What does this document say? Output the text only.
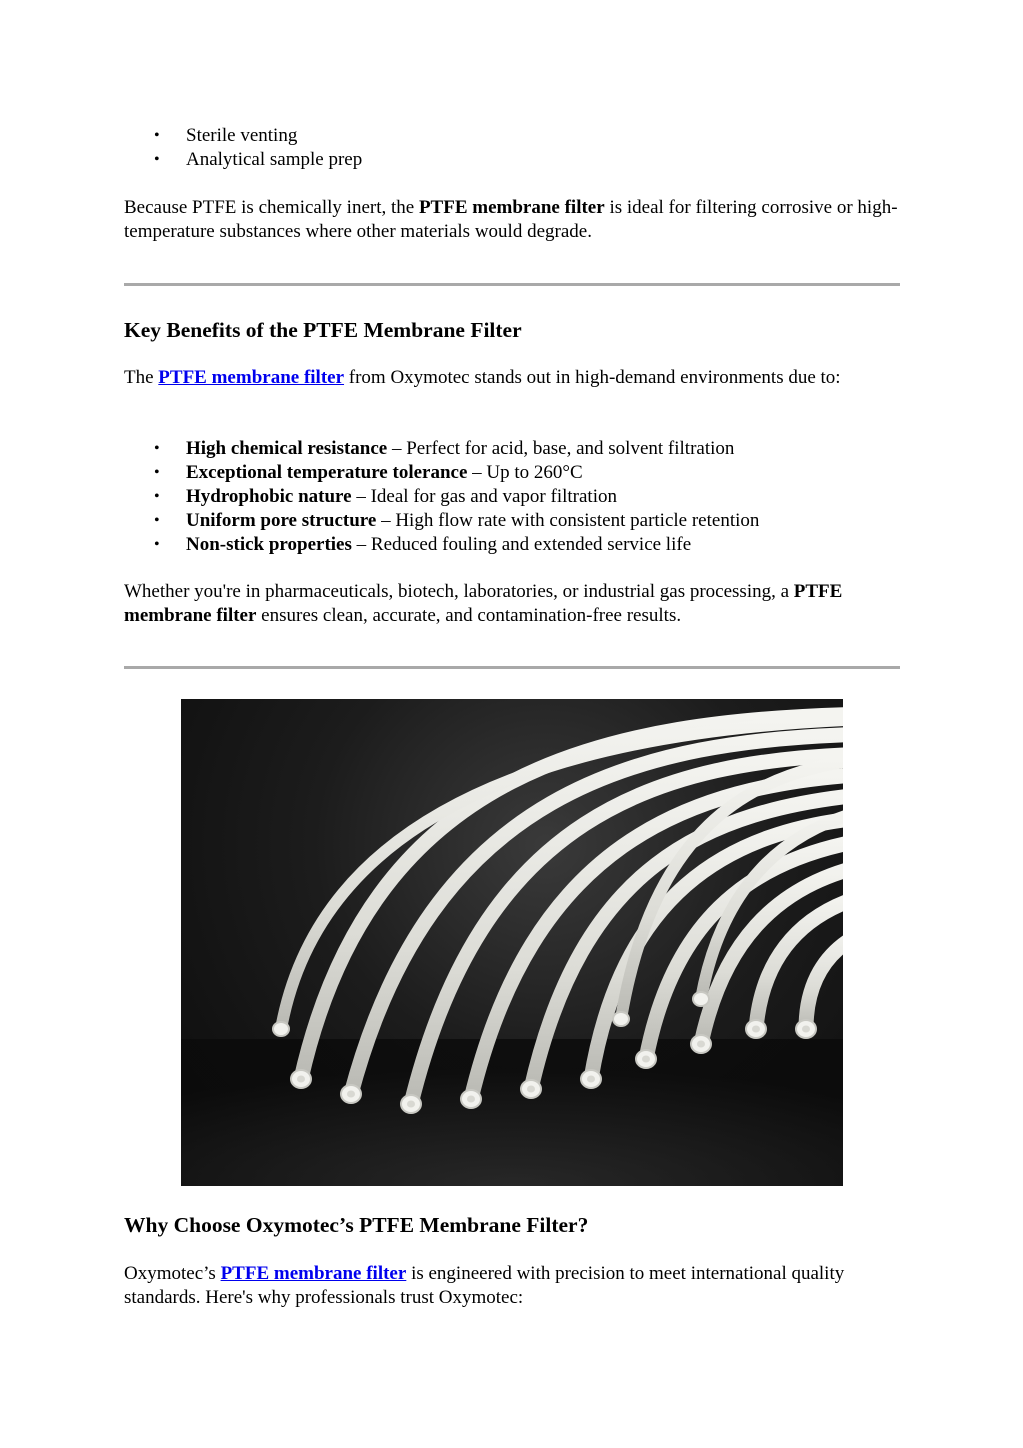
• Sterile venting
• Analytical sample prep

Because PTFE is chemically inert, the PTFE membrane filter is ideal for filtering corrosive or high-temperature substances where other materials would degrade.

Key Benefits of the PTFE Membrane Filter

The PTFE membrane filter from Oxymotec stands out in high-demand environments due to:

• High chemical resistance – Perfect for acid, base, and solvent filtration
• Exceptional temperature tolerance – Up to 260°C
• Hydrophobic nature – Ideal for gas and vapor filtration
• Uniform pore structure – High flow rate with consistent particle retention
• Non-stick properties – Reduced fouling and extended service life

Whether you're in pharmaceuticals, biotech, laboratories, or industrial gas processing, a PTFE membrane filter ensures clean, accurate, and contamination-free results.

Why Choose Oxymotec’s PTFE Membrane Filter?

Oxymotec’s PTFE membrane filter is engineered with precision to meet international quality standards. Here's why professionals trust Oxymotec:
